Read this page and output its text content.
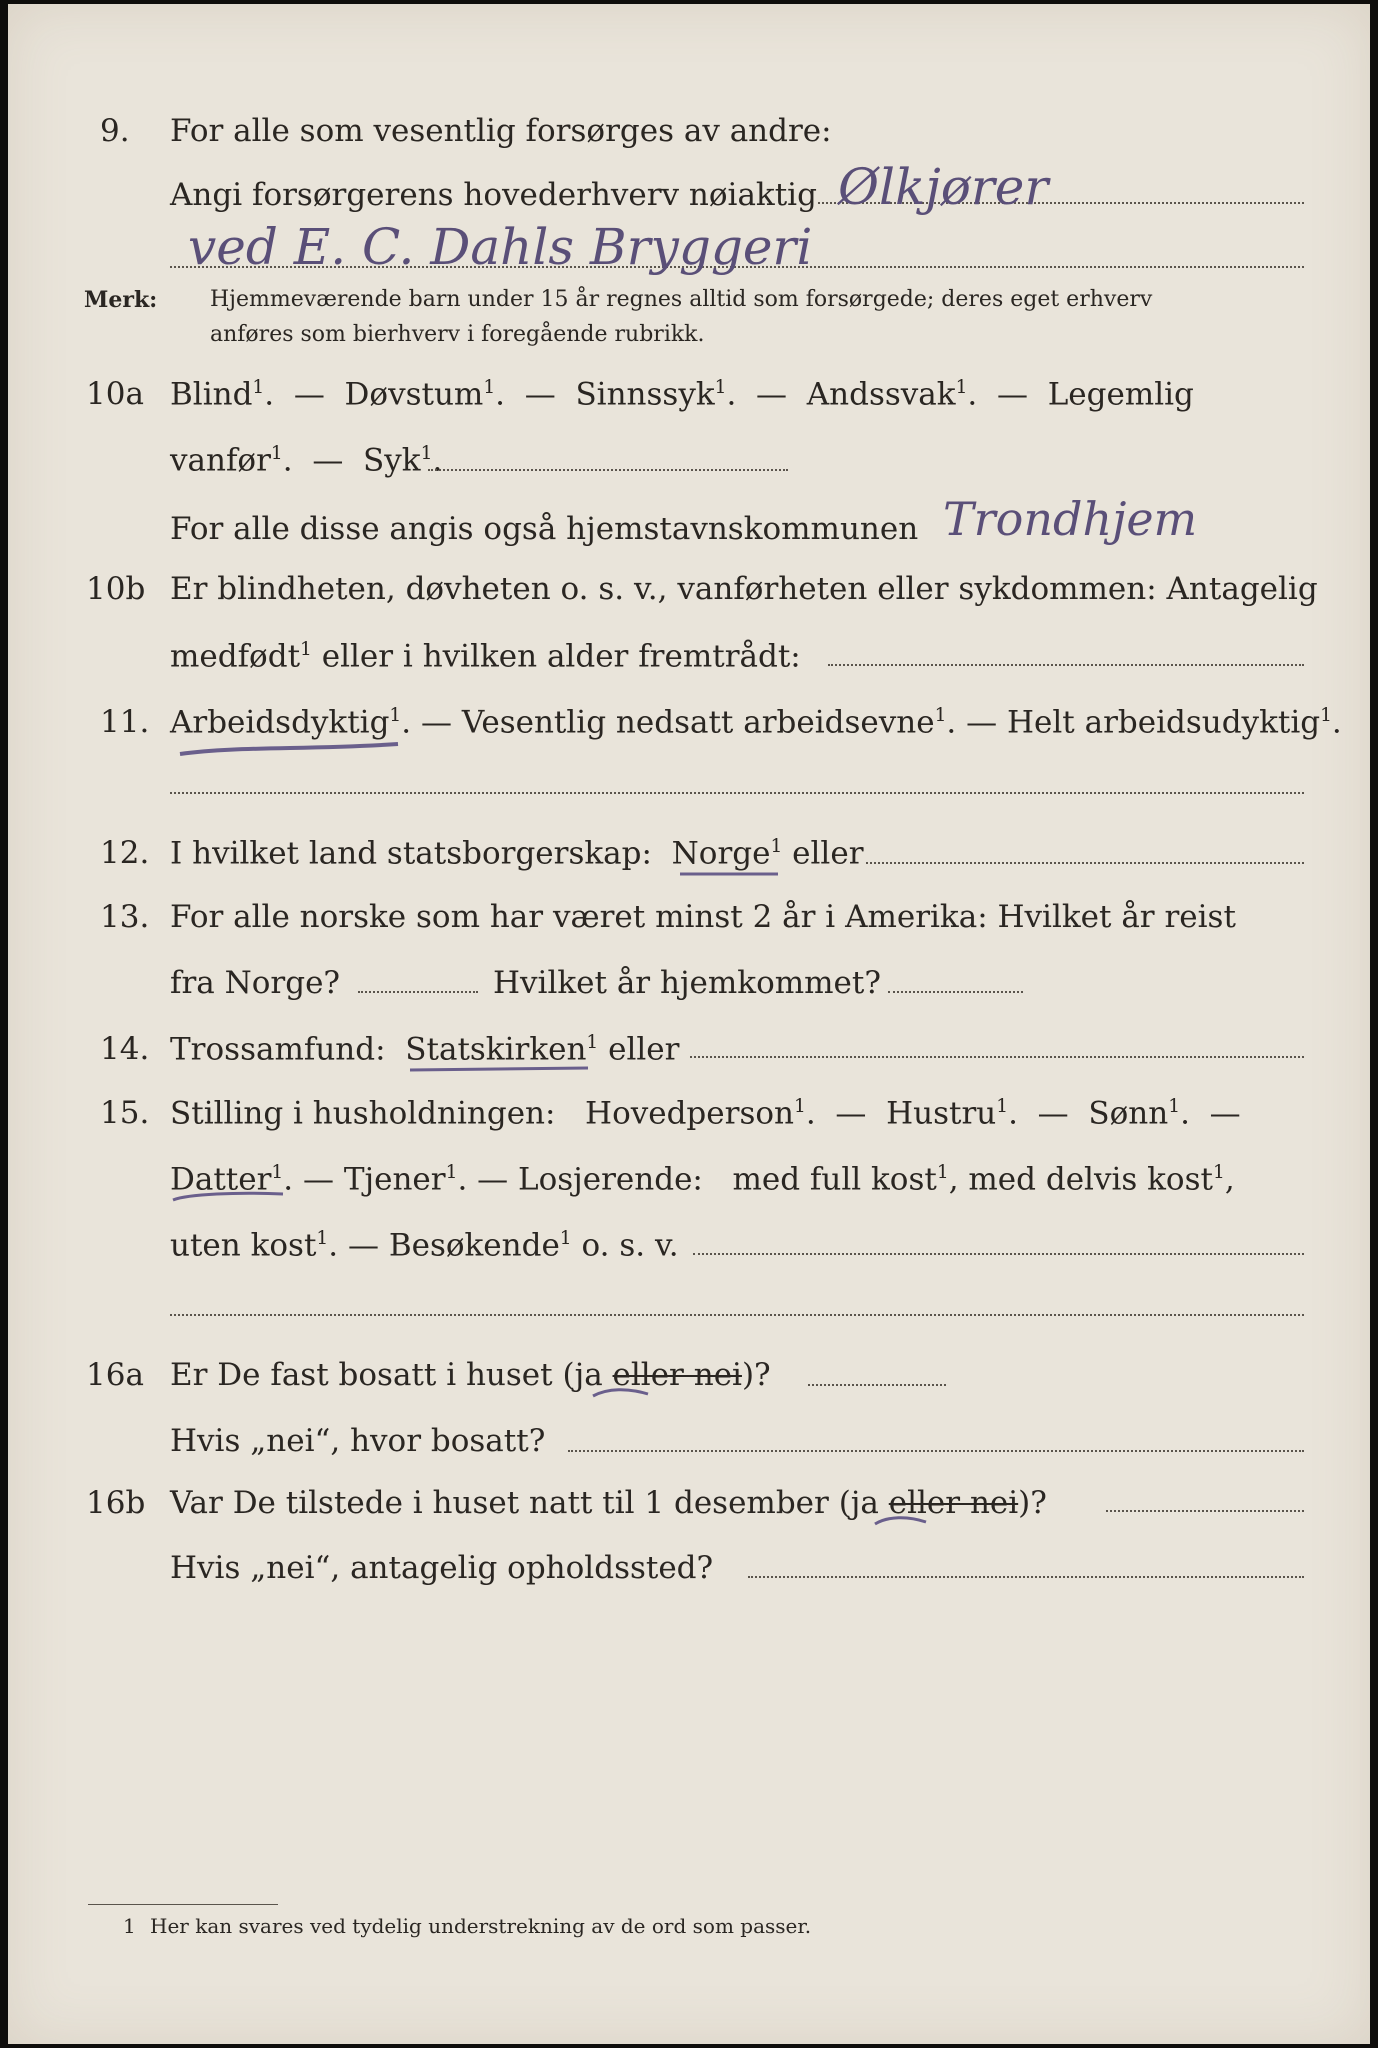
9. For alle som vesentlig forsørges av andre:
Angi forsørgerens hovederhverv nøiaktig Ølkjører
ved E. C. Dahls Bryggeri
Merk: Hjemmeværende barn under 15 år regnes alltid som forsørgede; deres eget erhverv
anføres som bierhverv i foregående rubrikk.
10a Blind$^1$.  —  Døvstum$^1$.  —  Sinnssyk$^1$.  —  Andssvak$^1$.  —  Legemlig
vanfør$^1$.  —  Syk$^1$.
For alle disse angis også hjemstavnskommunen Trondhjem
10b Er blindheten, døvheten o. s. v., vanførheten eller sykdommen: Antagelig
medfødt$^1$ eller i hvilken alder fremtrådt:
11. Arbeidsdyktig$^1$. — Vesentlig nedsatt arbeidsevne$^1$. — Helt arbeidsudyktig$^1$.
12. I hvilket land statsborgerskap: Norge$^1$ eller
13. For alle norske som har været minst 2 år i Amerika: Hvilket år reist
fra Norge?	Hvilket år hjemkommet?
14. Trossamfund: Statskirken$^1$ eller
15. Stilling i husholdningen: Hovedperson$^1$.  —  Hustru$^1$.  —  Sønn$^1$.  —
Datter$^1$. — Tjener$^1$. — Losjerende: med full kost$^1$, med delvis kost$^1$,
uten kost$^1$. — Besøkende$^1$ o. s. v.
16a Er De fast bosatt i huset (ja eller nei)?
Hvis „nei“, hvor bosatt?
16b Var De tilstede i huset natt til 1 desember (ja eller nei)?
Hvis „nei“, antagelig opholdssted?
1 Her kan svares ved tydelig understrekning av de ord som passer.
